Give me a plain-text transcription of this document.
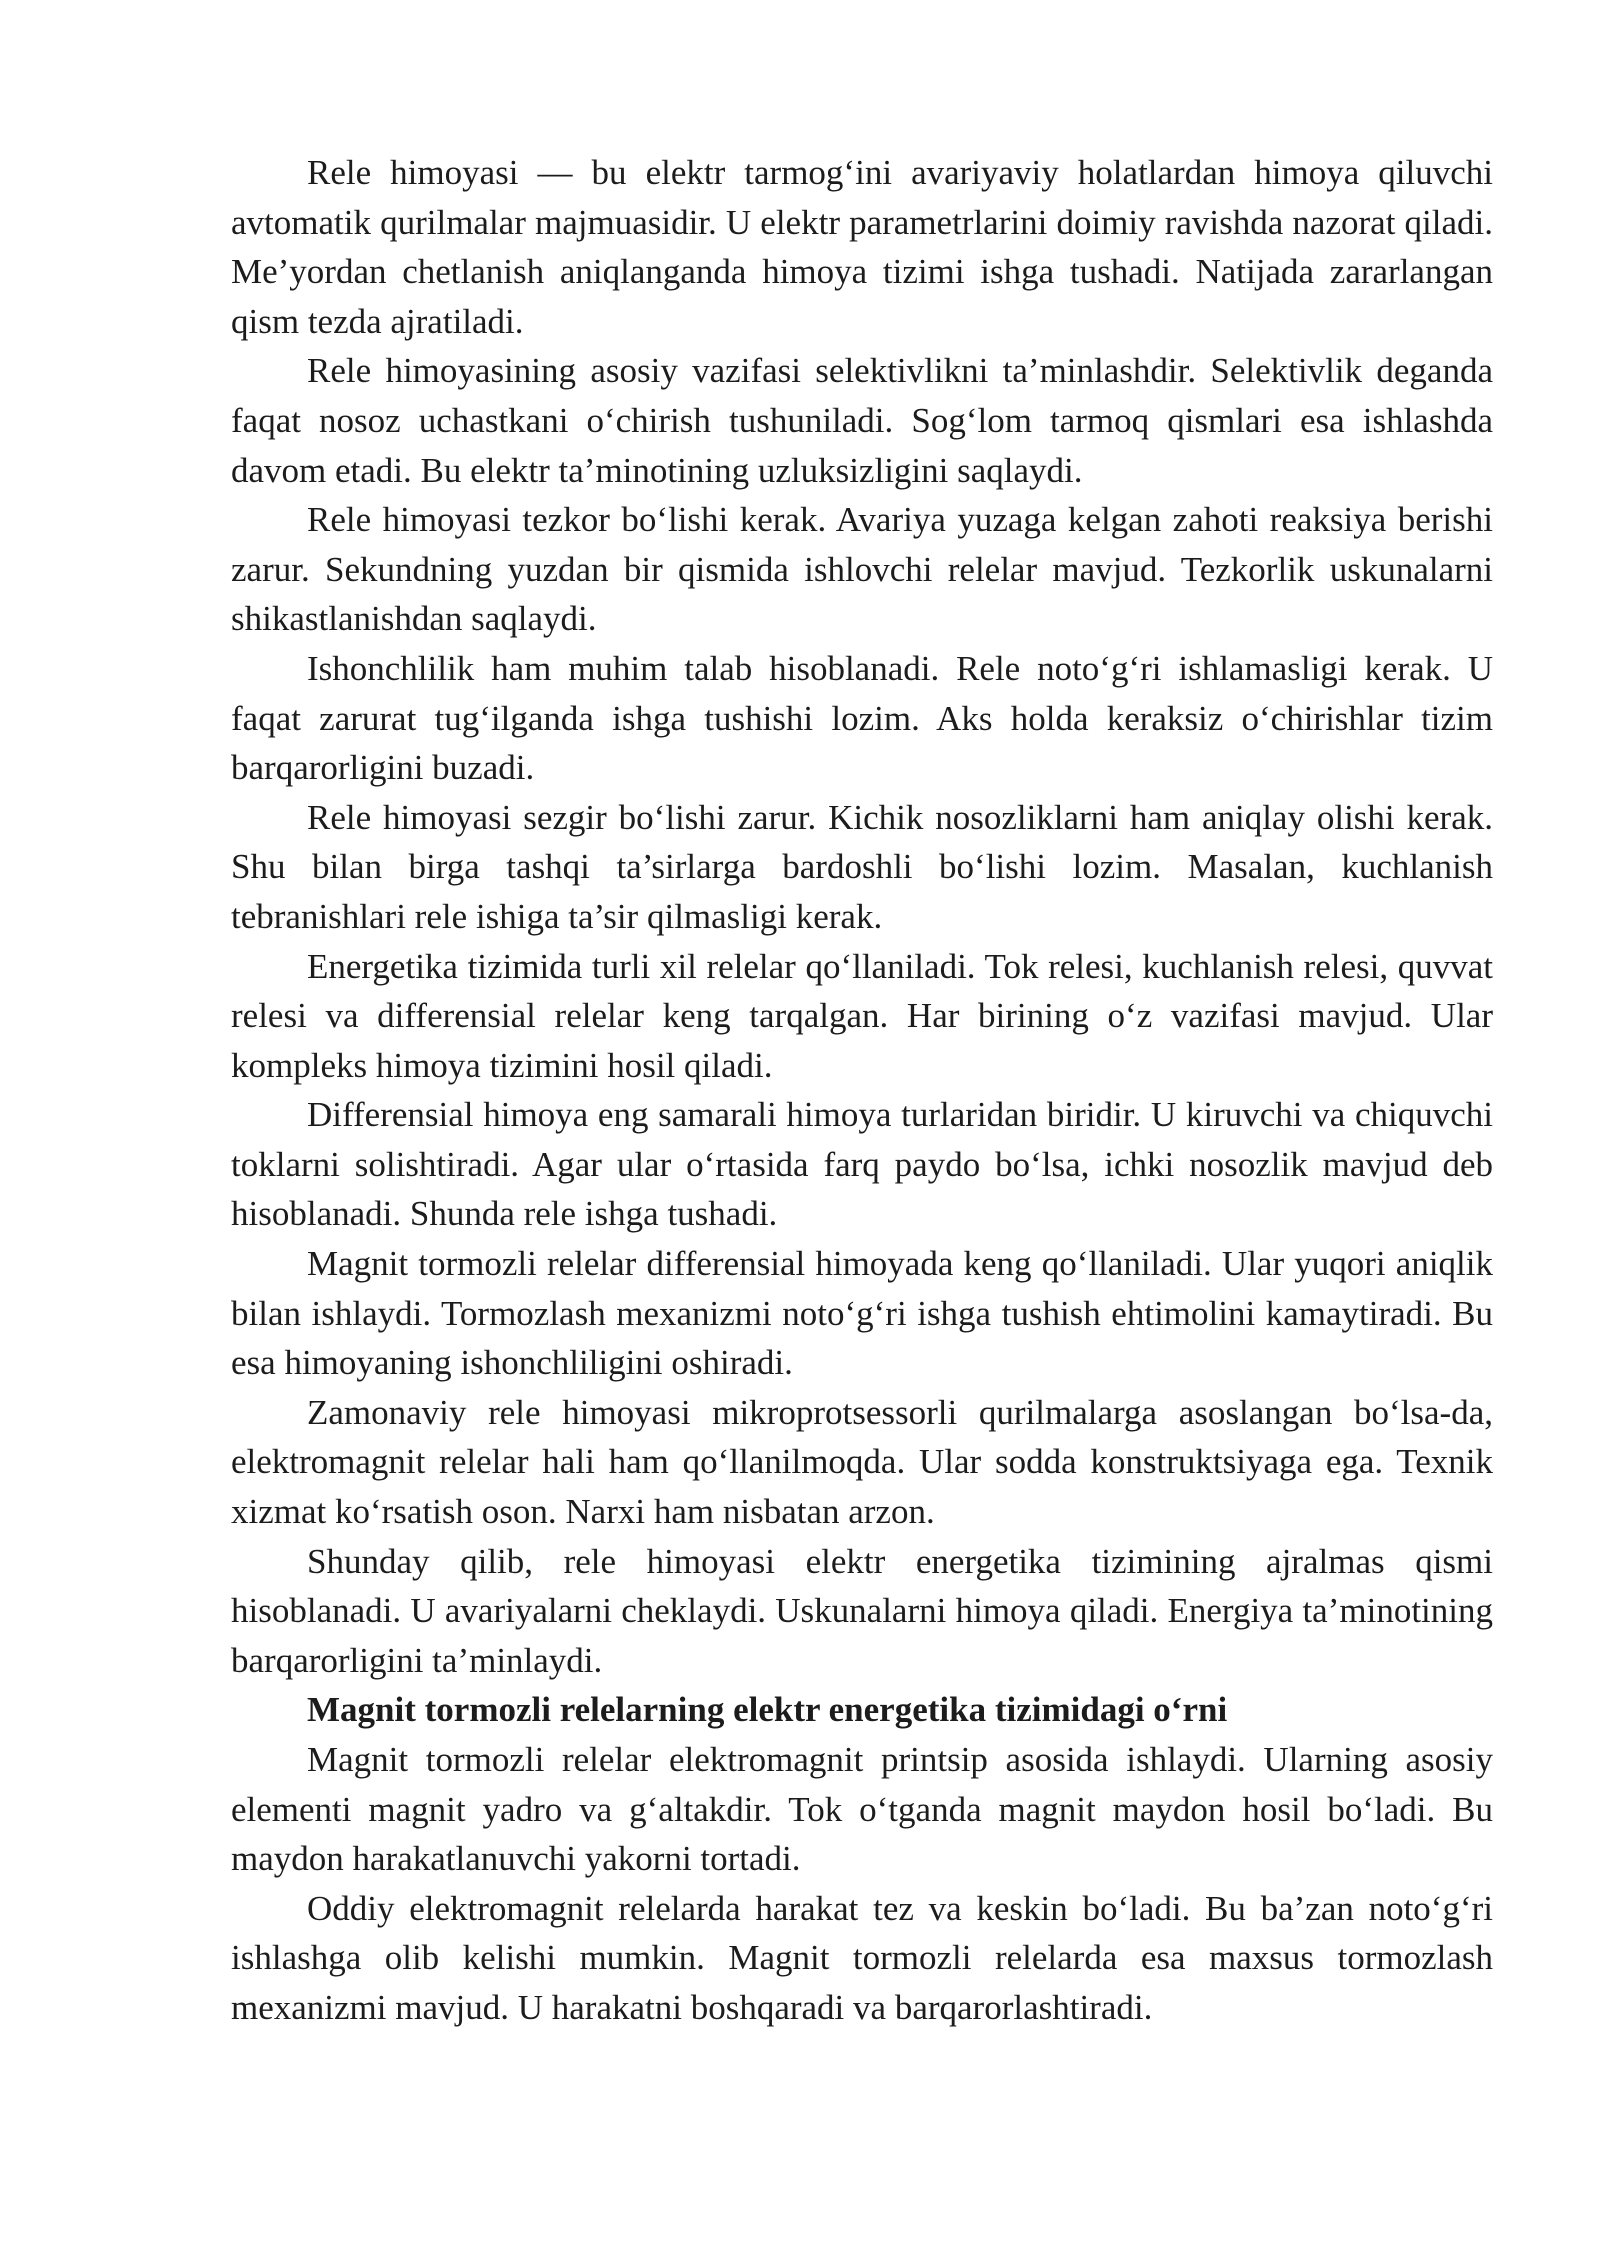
Rele himoyasi — bu elektr tarmog‘ini avariyaviy holatlardan himoya qiluvchi avtomatik qurilmalar majmuasidir. U elektr parametrlarini doimiy ravishda nazorat qiladi. Me’yordan chetlanish aniqlanganda himoya tizimi ishga tushadi. Natijada zararlangan qism tezda ajratiladi.

Rele himoyasining asosiy vazifasi selektivlikni ta’minlashdir. Selektivlik deganda faqat nosoz uchastkani o‘chirish tushuniladi. Sog‘lom tarmoq qismlari esa ishlashda davom etadi. Bu elektr ta’minotining uzluksizligini saqlaydi.

Rele himoyasi tezkor bo‘lishi kerak. Avariya yuzaga kelgan zahoti reaksiya berishi zarur. Sekundning yuzdan bir qismida ishlovchi relelar mavjud. Tezkorlik uskunalarni shikastlanishdan saqlaydi.

Ishonchlilik ham muhim talab hisoblanadi. Rele noto‘g‘ri ishlamasligi kerak. U faqat zarurat tug‘ilganda ishga tushishi lozim. Aks holda keraksiz o‘chirishlar tizim barqarorligini buzadi.

Rele himoyasi sezgir bo‘lishi zarur. Kichik nosozliklarni ham aniqlay olishi kerak. Shu bilan birga tashqi ta’sirlarga bardoshli bo‘lishi lozim. Masalan, kuchlanish tebranishlari rele ishiga ta’sir qilmasligi kerak.

Energetika tizimida turli xil relelar qo‘llaniladi. Tok relesi, kuchlanish relesi, quvvat relesi va differensial relelar keng tarqalgan. Har birining o‘z vazifasi mavjud. Ular kompleks himoya tizimini hosil qiladi.

Differensial himoya eng samarali himoya turlaridan biridir. U kiruvchi va chiquvchi toklarni solishtiradi. Agar ular o‘rtasida farq paydo bo‘lsa, ichki nosozlik mavjud deb hisoblanadi. Shunda rele ishga tushadi.

Magnit tormozli relelar differensial himoyada keng qo‘llaniladi. Ular yuqori aniqlik bilan ishlaydi. Tormozlash mexanizmi noto‘g‘ri ishga tushish ehtimolini kamaytiradi. Bu esa himoyaning ishonchliligini oshiradi.

Zamonaviy rele himoyasi mikroprotsessorli qurilmalarga asoslangan bo‘lsa-da, elektromagnit relelar hali ham qo‘llanilmoqda. Ular sodda konstruktsiyaga ega. Texnik xizmat ko‘rsatish oson. Narxi ham nisbatan arzon.

Shunday qilib, rele himoyasi elektr energetika tizimining ajralmas qismi hisoblanadi. U avariyalarni cheklaydi. Uskunalarni himoya qiladi. Energiya ta’minotining barqarorligini ta’minlaydi.

Magnit tormozli relelarning elektr energetika tizimidagi o‘rni

Magnit tormozli relelar elektromagnit printsip asosida ishlaydi. Ularning asosiy elementi magnit yadro va g‘altakdir. Tok o‘tganda magnit maydon hosil bo‘ladi. Bu maydon harakatlanuvchi yakorni tortadi.

Oddiy elektromagnit relelarda harakat tez va keskin bo‘ladi. Bu ba’zan noto‘g‘ri ishlashga olib kelishi mumkin. Magnit tormozli relelarda esa maxsus tormozlash mexanizmi mavjud. U harakatni boshqaradi va barqarorlashtiradi.
